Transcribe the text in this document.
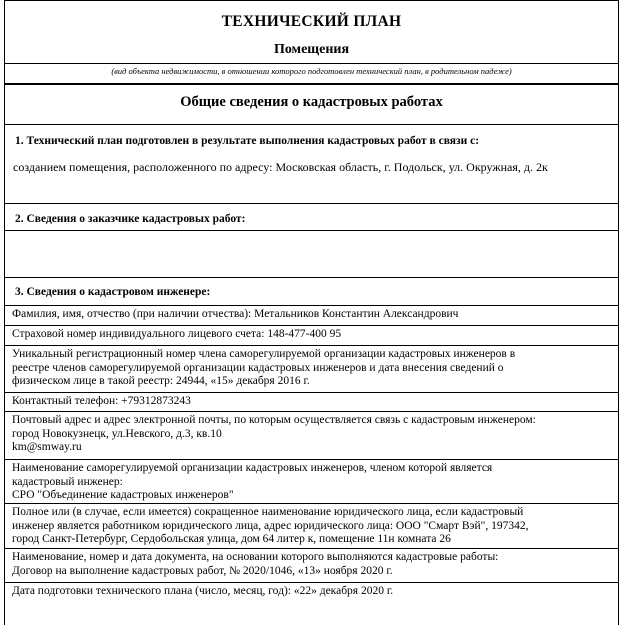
ТЕХНИЧЕСКИЙ ПЛАН
Помещения
(вид объекта недвижимости, в отношении которого подготовлен технический план, в родительном падеже)
Общие сведения о кадастровых работах
1. Технический план подготовлен в результате выполнения кадастровых работ в связи с:
созданием помещения, расположенного по адресу: Московская область, г. Подольск, ул. Окружная, д. 2к
2. Сведения о заказчике кадастровых работ:
3. Сведения о кадастровом инженере:
Фамилия, имя, отчество (при наличии отчества): Метальников Константин Александрович
Страховой номер индивидуального лицевого счета: 148-477-400 95
Уникальный регистрационный номер члена саморегулируемой организации кадастровых инженеров в
реестре членов саморегулируемой организации кадастровых инженеров и дата внесения сведений о
физическом лице в такой реестр: 24944, «15» декабря 2016 г.
Контактный телефон: +79312873243
Почтовый адрес и адрес электронной почты, по которым осуществляется связь с кадастровым инженером:
город Новокузнецк, ул.Невского, д.3, кв.10
km@smway.ru
Наименование саморегулируемой организации кадастровых инженеров, членом которой является
кадастровый инженер:
СРО "Объединение кадастровых инженеров"
Полное или (в случае, если имеется) сокращенное наименование юридического лица, если кадастровый
инженер является работником юридического лица, адрес юридического лица: ООО "Смарт Вэй", 197342,
город Санкт-Петербург, Сердобольская улица, дом 64 литер к, помещение 11н комната 26
Наименование, номер и дата документа, на основании которого выполняются кадастровые работы:
Договор на выполнение кадастровых работ, № 2020/1046, «13» ноября 2020 г.
Дата подготовки технического плана (число, месяц, год): «22» декабря 2020 г.
